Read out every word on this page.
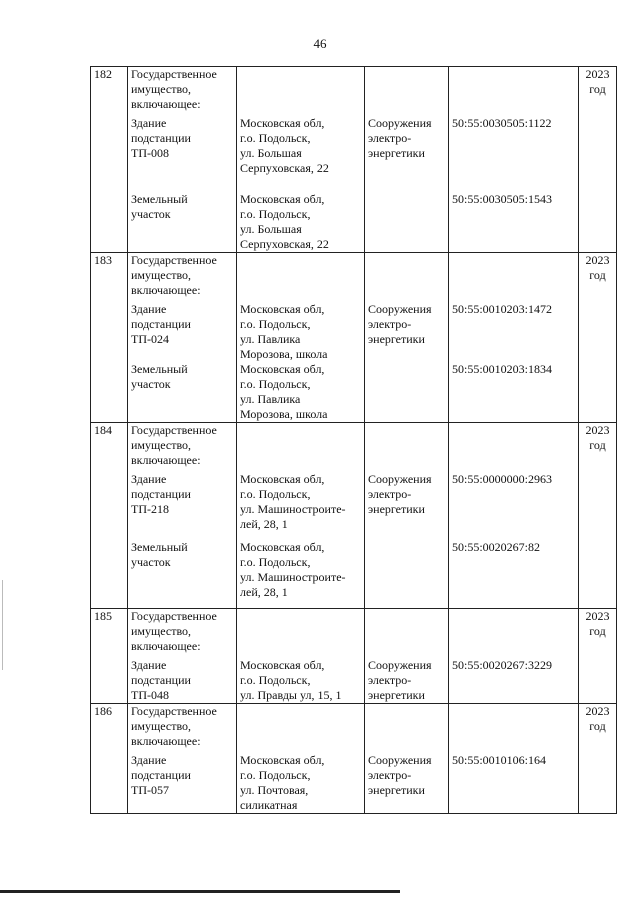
46
182	Государственное имущество, включающее:				2023
год

	Здание
подстанции
ТП-008	Московская обл,
г.о. Подольск,
ул. Большая
Серпуховская, 22	Сооружения
электро-
энергетики	50:55:0030505:1122	

	Земельный
участок	Московская обл,
г.о. Подольск,
ул. Большая
Серпуховская, 22		50:55:0030505:1543	
183	Государственное имущество, включающее:				2023
год

	Здание
подстанции
ТП-024	Московская обл,
г.о. Подольск,
ул. Павлика
Морозова, школа	Сооружения
электро-
энергетики	50:55:0010203:1472	

	Земельный
участок	Московская обл,
г.о. Подольск,
ул. Павлика
Морозова, школа		50:55:0010203:1834	
184	Государственное имущество, включающее:				2023
год

	Здание
подстанции
ТП-218	Московская обл,
г.о. Подольск,
ул. Машиностроите-
лей, 28, 1	Сооружения
электро-
энергетики	50:55:0000000:2963	

	Земельный
участок	Московская обл,
г.о. Подольск,
ул. Машиностроите-
лей, 28, 1		50:55:0020267:82	
185	Государственное имущество, включающее:				2023
год

	Здание
подстанции
ТП-048	Московская обл,
г.о. Подольск,
ул. Правды ул, 15, 1	Сооружения
электро-
энергетики	50:55:0020267:3229	
186	Государственное имущество, включающее:				2023
год

	Здание
подстанции
ТП-057	Московская обл,
г.о. Подольск,
ул. Почтовая,
силикатная	Сооружения
электро-
энергетики	50:55:0010106:164	
